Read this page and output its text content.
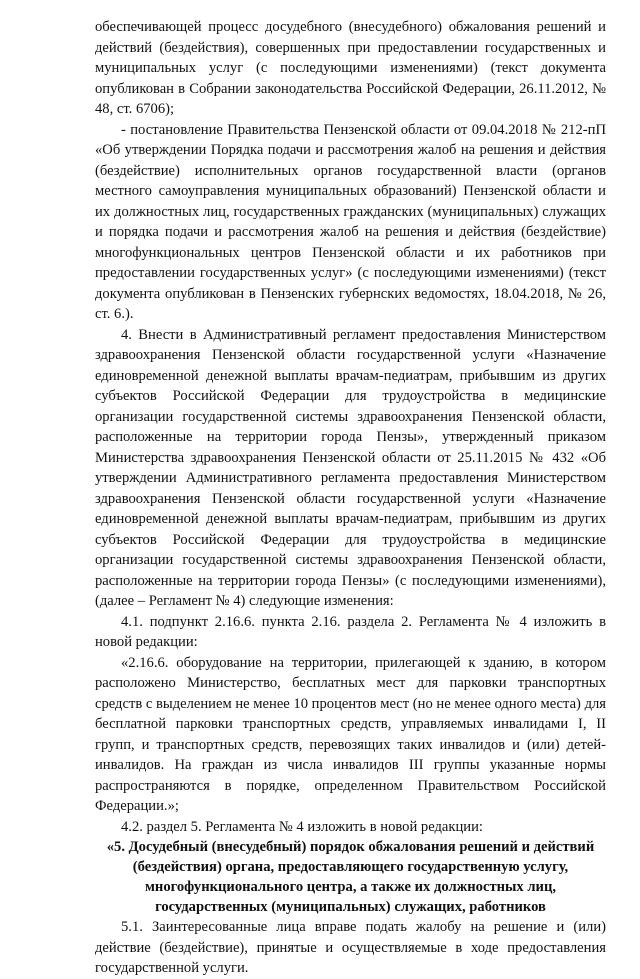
обеспечивающей процесс досудебного (внесудебного) обжалования решений и действий (бездействия), совершенных при предоставлении государственных и муниципальных услуг (с последующими изменениями) (текст документа опубликован в Собрании законодательства Российской Федерации, 26.11.2012, № 48, ст. 6706);

- постановление Правительства Пензенской области от 09.04.2018 № 212-пП «Об утверждении Порядка подачи и рассмотрения жалоб на решения и действия (бездействие) исполнительных органов государственной власти (органов местного самоуправления муниципальных образований) Пензенской области и их должностных лиц, государственных гражданских (муниципальных) служащих и порядка подачи и рассмотрения жалоб на решения и действия (бездействие) многофункциональных центров Пензенской области и их работников при предоставлении государственных услуг» (с последующими изменениями) (текст документа опубликован в Пензенских губернских ведомостях, 18.04.2018, № 26, ст. 6.).

4. Внести в Административный регламент предоставления Министерством здравоохранения Пензенской области государственной услуги «Назначение единовременной денежной выплаты врачам-педиатрам, прибывшим из других субъектов Российской Федерации для трудоустройства в медицинские организации государственной системы здравоохранения Пензенской области, расположенные на территории города Пензы», утвержденный приказом Министерства здравоохранения Пензенской области от 25.11.2015 № 432 «Об утверждении Административного регламента предоставления Министерством здравоохранения Пензенской области государственной услуги «Назначение единовременной денежной выплаты врачам-педиатрам, прибывшим из других субъектов Российской Федерации для трудоустройства в медицинские организации государственной системы здравоохранения Пензенской области, расположенные на территории города Пензы» (с последующими изменениями), (далее – Регламент № 4) следующие изменения:

4.1. подпункт 2.16.6. пункта 2.16. раздела 2. Регламента № 4 изложить в новой редакции:

«2.16.6. оборудование на территории, прилегающей к зданию, в котором расположено Министерство, бесплатных мест для парковки транспортных средств с выделением не менее 10 процентов мест (но не менее одного места) для бесплатной парковки транспортных средств, управляемых инвалидами I, II групп, и транспортных средств, перевозящих таких инвалидов и (или) детей-инвалидов. На граждан из числа инвалидов III группы указанные нормы распространяются в порядке, определенном Правительством Российской Федерации.»;

4.2. раздел 5. Регламента № 4 изложить в новой редакции:

«5. Досудебный (внесудебный) порядок обжалования решений и действий (бездействия) органа, предоставляющего государственную услугу, многофункционального центра, а также их должностных лиц, государственных (муниципальных) служащих, работников

5.1. Заинтересованные лица вправе подать жалобу на решение и (или) действие (бездействие), принятые и осуществляемые в ходе предоставления государственной услуги.
